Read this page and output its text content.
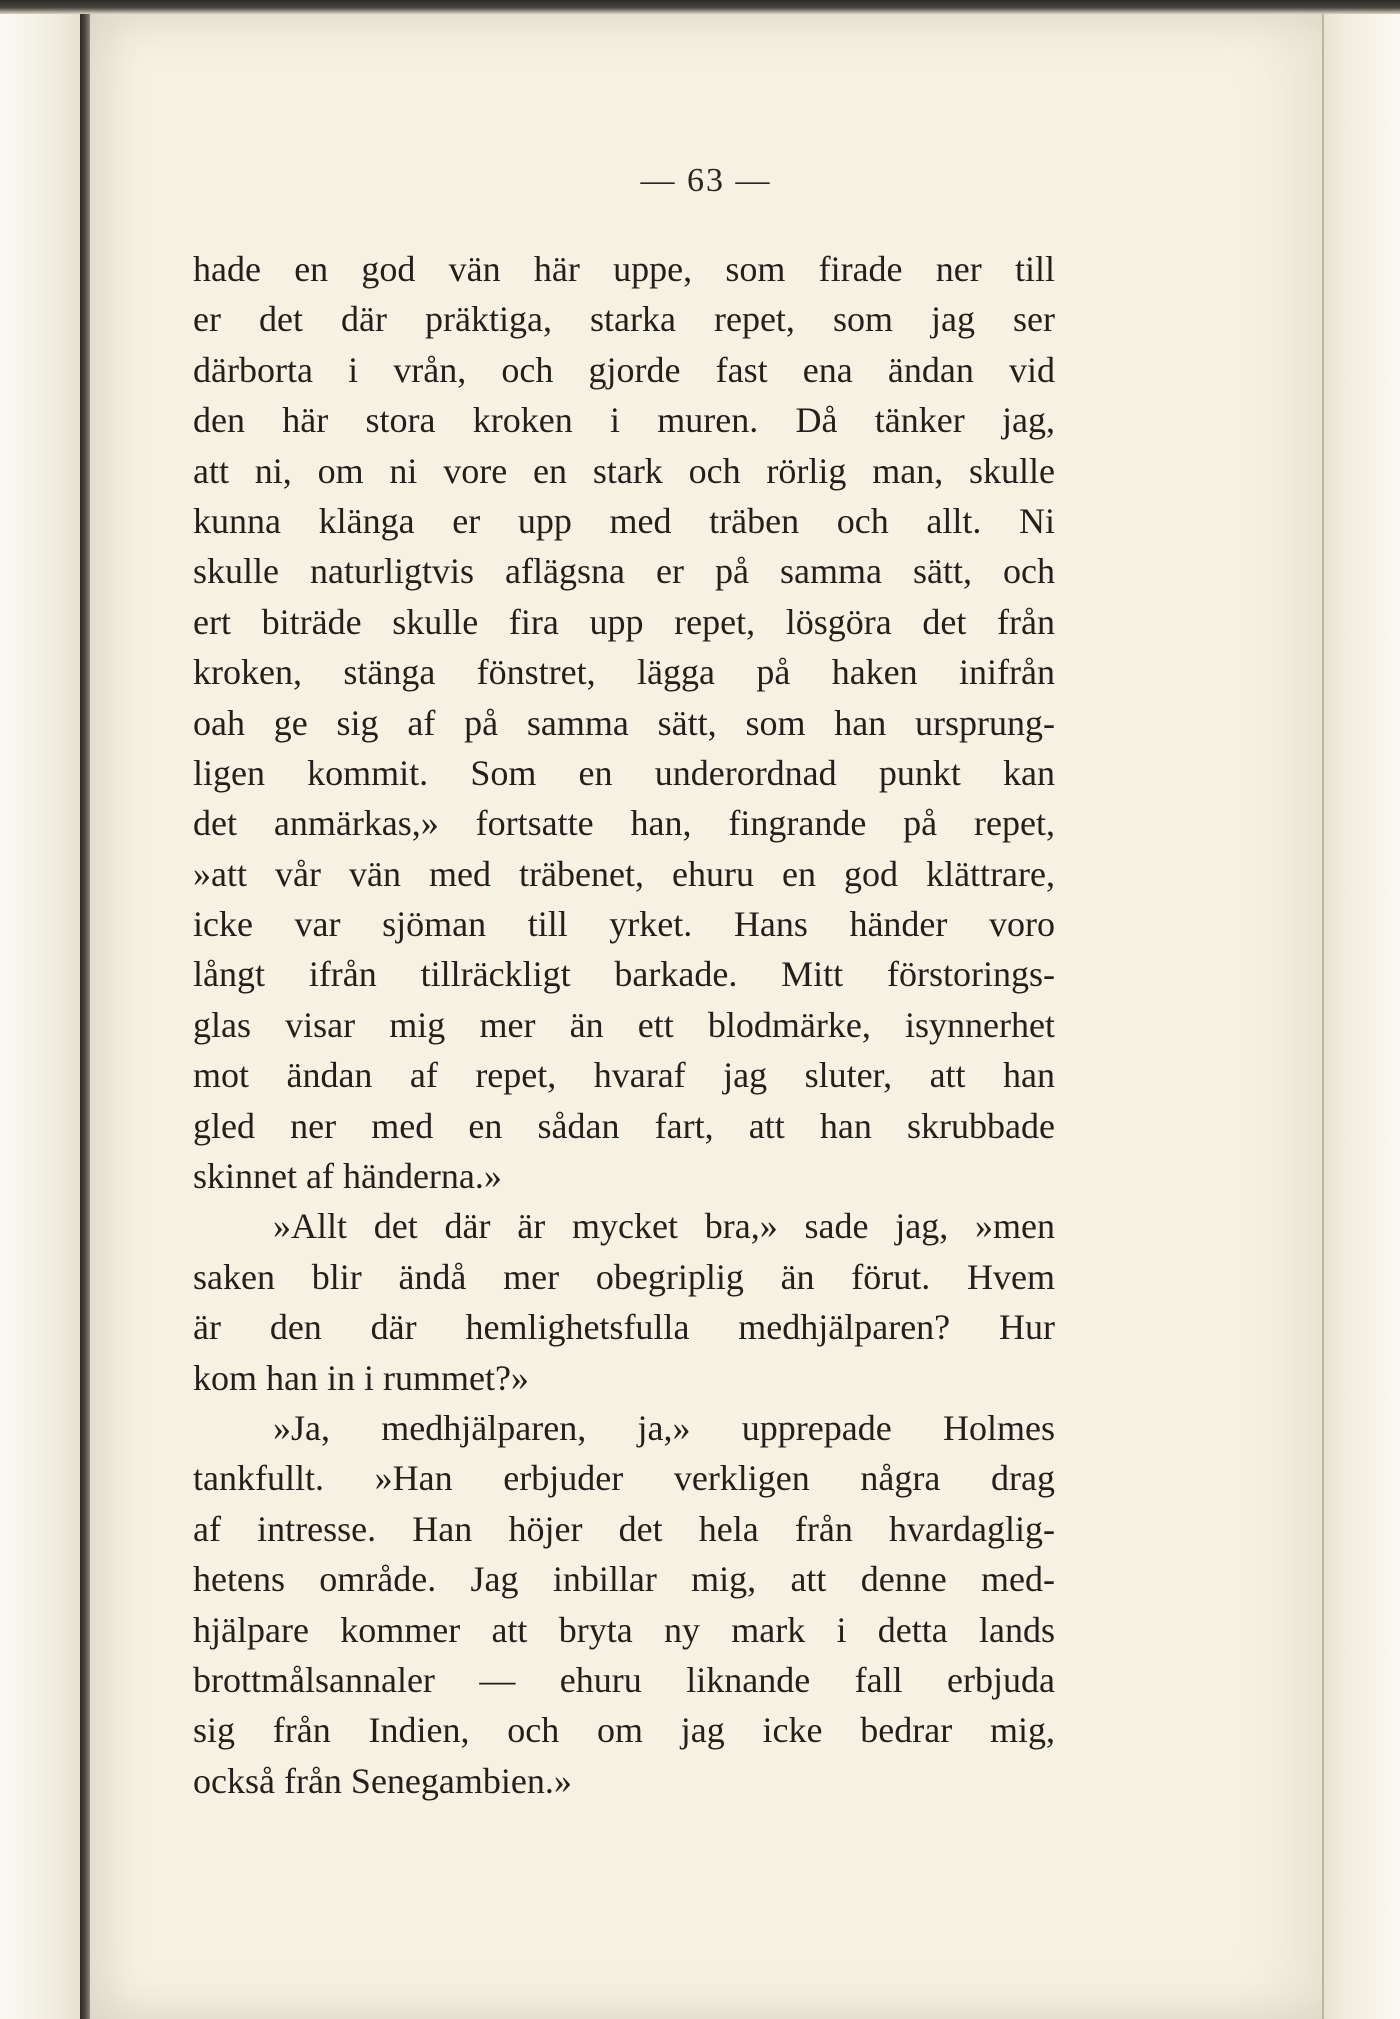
— 63 —
hade en god vän här uppe, som firade ner till
er det där präktiga, starka repet, som jag ser
därborta i vrån, och gjorde fast ena ändan vid
den här stora kroken i muren. Då tänker jag,
att ni, om ni vore en stark och rörlig man, skulle
kunna klänga er upp med träben och allt. Ni
skulle naturligtvis aflägsna er på samma sätt, och
ert biträde skulle fira upp repet, lösgöra det från
kroken, stänga fönstret, lägga på haken inifrån
oah ge sig af på samma sätt, som han ursprung-
ligen kommit. Som en underordnad punkt kan
det anmärkas,» fortsatte han, fingrande på repet,
»att vår vän med träbenet, ehuru en god klättrare,
icke var sjöman till yrket. Hans händer voro
långt ifrån tillräckligt barkade. Mitt förstorings-
glas visar mig mer än ett blodmärke, isynnerhet
mot ändan af repet, hvaraf jag sluter, att han
gled ner med en sådan fart, att han skrubbade
skinnet af händerna.»
»Allt det där är mycket bra,» sade jag, »men
saken blir ändå mer obegriplig än förut. Hvem
är den där hemlighetsfulla medhjälparen? Hur
kom han in i rummet?»
»Ja, medhjälparen, ja,» upprepade Holmes
tankfullt. »Han erbjuder verkligen några drag
af intresse. Han höjer det hela från hvardaglig-
hetens område. Jag inbillar mig, att denne med-
hjälpare kommer att bryta ny mark i detta lands
brottmålsannaler — ehuru liknande fall erbjuda
sig från Indien, och om jag icke bedrar mig,
också från Senegambien.»
